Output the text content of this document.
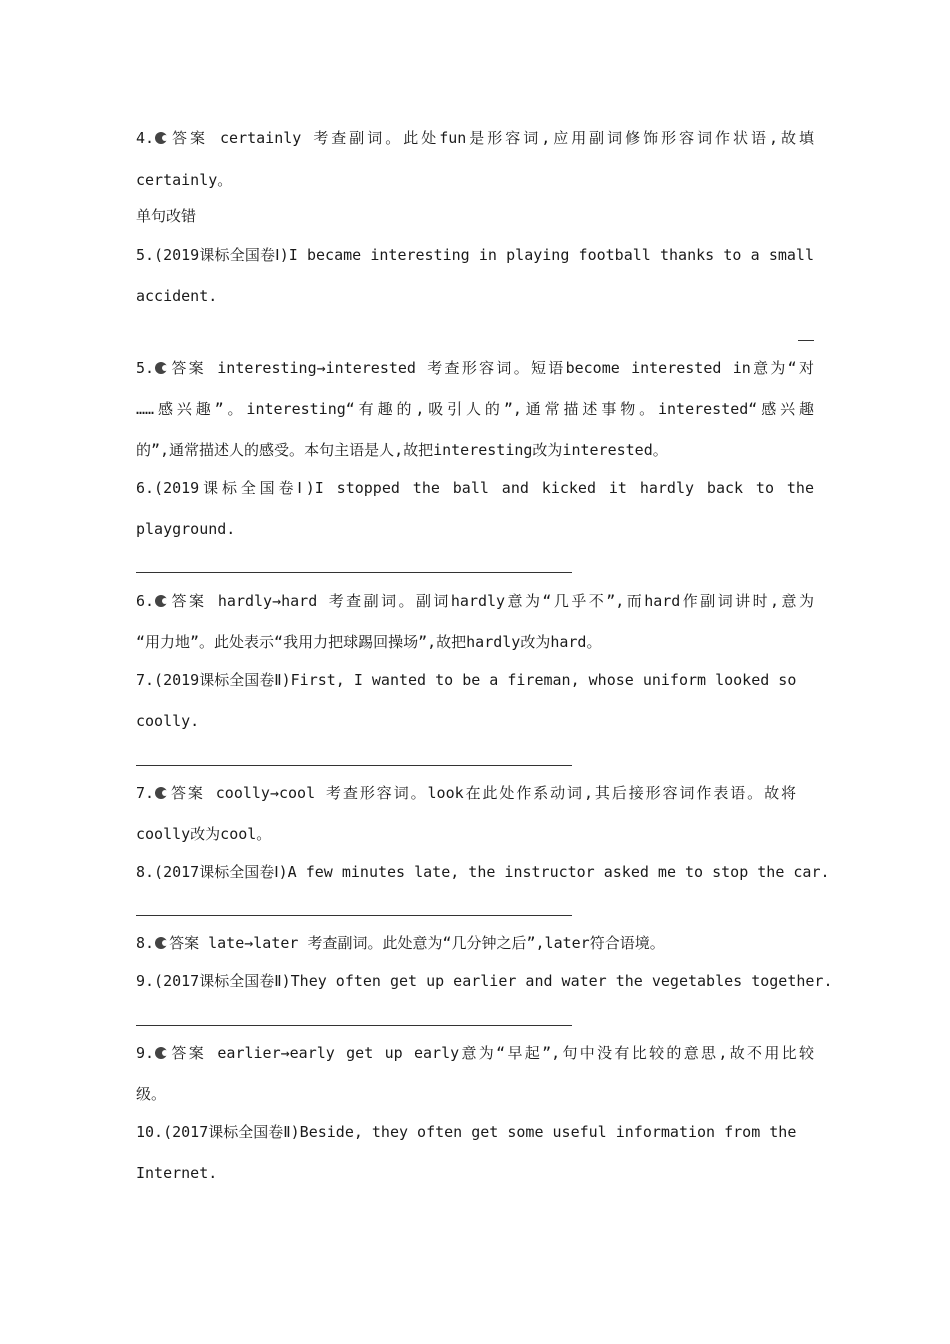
4. 答案 certainly 考查副词。此处fun是形容词,应用副词修饰形容词作状语,故填
certainly。
单句改错
5.(2019课标全国卷Ⅰ)I became interesting in playing football thanks to a small
accident.
5. 答案 interesting→interested 考查形容词。短语become interested in意为“对
……感兴趣”。interesting“有趣的,吸引人的”,通常描述事物。interested“感兴趣
的”,通常描述人的感受。本句主语是人,故把interesting改为interested。
6.(2019课标全国卷Ⅰ)I stopped the ball and kicked it hardly back to the
playground.
6. 答案 hardly→hard 考查副词。副词hardly意为“几乎不”,而hard作副词讲时,意为
“用力地”。此处表示“我用力把球踢回操场”,故把hardly改为hard。
7.(2019课标全国卷Ⅱ)First, I wanted to be a fireman, whose uniform looked so
coolly.
7. 答案 coolly→cool 考查形容词。look在此处作系动词,其后接形容词作表语。故将
coolly改为cool。
8.(2017课标全国卷Ⅰ)A few minutes late, the instructor asked me to stop the car.
8. 答案 late→later 考查副词。此处意为“几分钟之后”,later符合语境。
9.(2017课标全国卷Ⅱ)They often get up earlier and water the vegetables together.
9. 答案 earlier→early get up early意为“早起”,句中没有比较的意思,故不用比较
级。
10.(2017课标全国卷Ⅱ)Beside, they often get some useful information from the
Internet.
